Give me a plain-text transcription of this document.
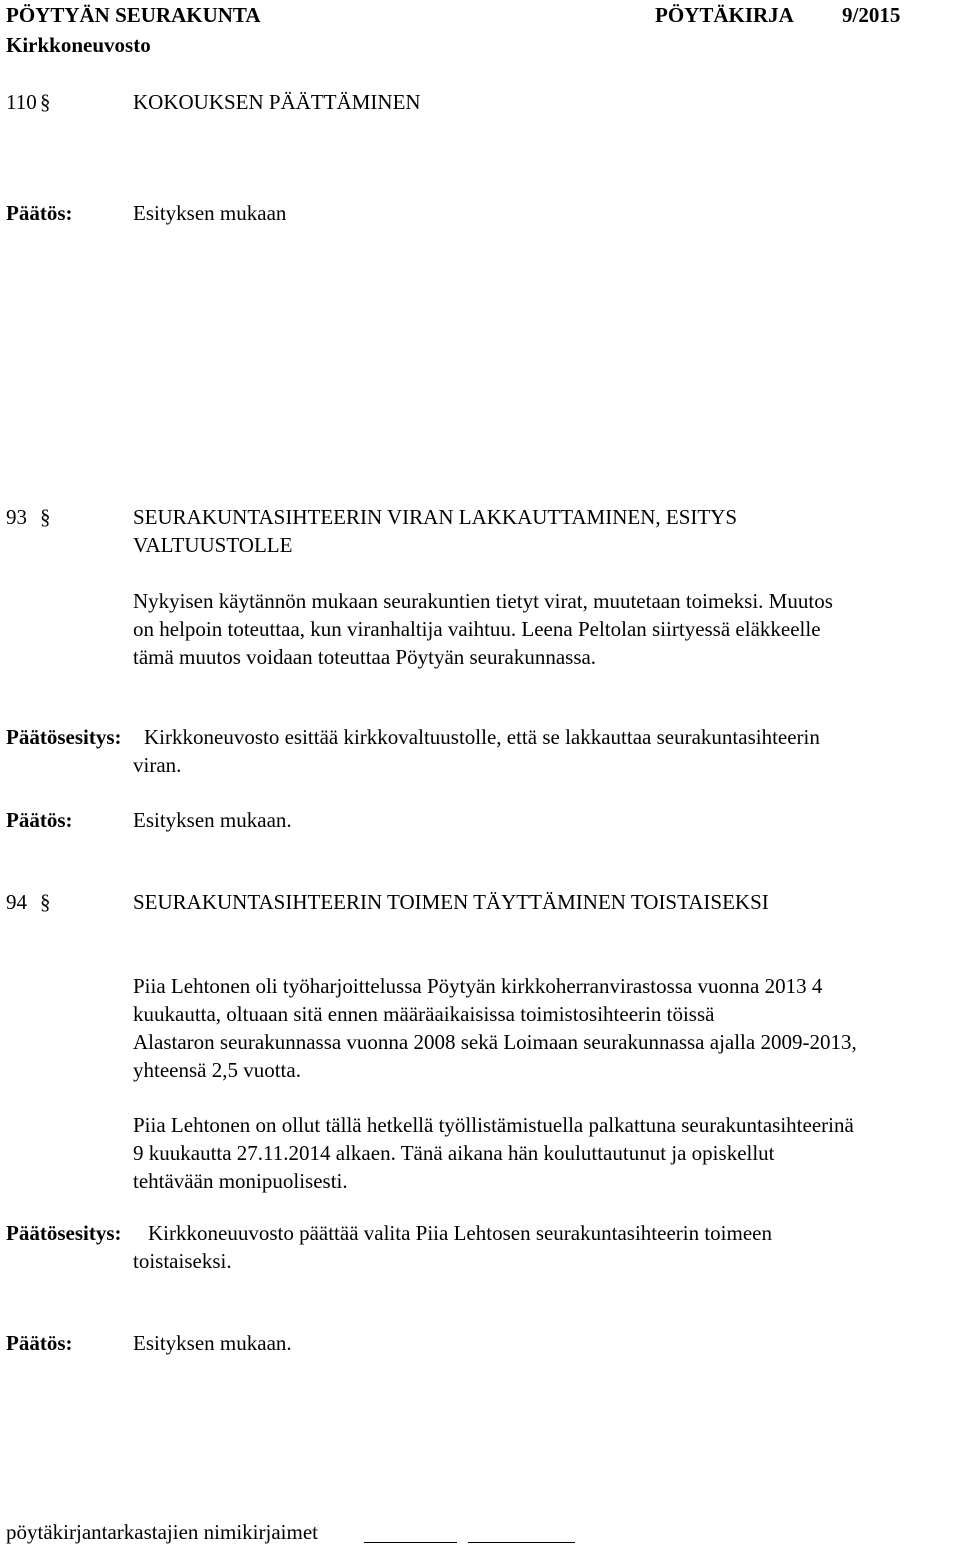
PÖYTYÄN SEURAKUNTA	PÖYTÄKIRJA 9/2015
Kirkkoneuvosto
110 §	KOKOUKSEN PÄÄTTÄMINEN
Päätös:	Esityksen mukaan
93 §	SEURAKUNTASIHTEERIN VIRAN LAKKAUTTAMINEN, ESITYS
VALTUUSTOLLE
Nykyisen käytännön mukaan seurakuntien tietyt virat, muutetaan toimeksi. Muutos
on helpoin toteuttaa, kun viranhaltija vaihtuu. Leena Peltolan siirtyessä eläkkeelle
tämä muutos voidaan toteuttaa Pöytyän seurakunnassa.
Päätösesitys: Kirkkoneuvosto esittää kirkkovaltuustolle, että se lakkauttaa seurakuntasihteerin
viran.
Päätös:	Esityksen mukaan.
94 §	SEURAKUNTASIHTEERIN TOIMEN TÄYTTÄMINEN TOISTAISEKSI
Piia Lehtonen oli työharjoittelussa Pöytyän kirkkoherranvirastossa vuonna 2013 4
kuukautta, oltuaan sitä ennen määräaikaisissa toimistosihteerin töissä
Alastaron seurakunnassa vuonna 2008 sekä Loimaan seurakunnassa ajalla 2009-2013,
yhteensä 2,5 vuotta.
Piia Lehtonen on ollut tällä hetkellä työllistämistuella palkattuna seurakuntasihteerinä
9 kuukautta 27.11.2014 alkaen. Tänä aikana hän kouluttautunut ja opiskellut
tehtävään monipuolisesti.
Päätösesitys: Kirkkoneuuvosto päättää valita Piia Lehtosen seurakuntasihteerin toimeen
toistaiseksi.
Päätös:	Esityksen mukaan.
pöytäkirjantarkastajien nimikirjaimet
